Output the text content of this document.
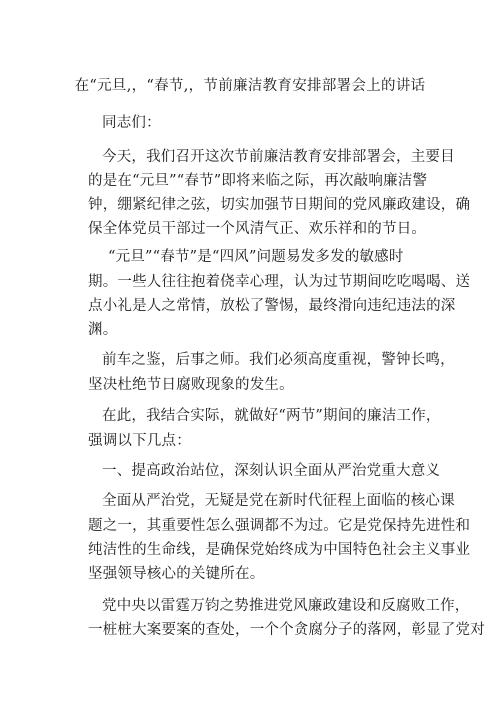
在“元旦,，“春节,，节前廉洁教育安排部署会上的讲话
同志们：
今天，我们召开这次节前廉洁教育安排部署会，主要目
的是在“元旦”“春节”即将来临之际，再次敲响廉洁警
钟，绷紧纪律之弦，切实加强节日期间的党风廉政建设，确
保全体党员干部过一个风清气正、欢乐祥和的节日。
“元旦”“春节”是“四风”问题易发多发的敏感时
期。一些人往往抱着侥幸心理，认为过节期间吃吃喝喝、送
点小礼是人之常情，放松了警惕，最终滑向违纪违法的深
渊。
前车之鉴，后事之师。我们必须高度重视，警钟长鸣，
坚决杜绝节日腐败现象的发生。
在此，我结合实际，就做好“两节”期间的廉洁工作，
强调以下几点：
一、提高政治站位，深刻认识全面从严治党重大意义
全面从严治党，无疑是党在新时代征程上面临的核心课
题之一，其重要性怎么强调都不为过。它是党保持先进性和
纯洁性的生命线，是确保党始终成为中国特色社会主义事业
坚强领导核心的关键所在。
党中央以雷霆万钧之势推进党风廉政建设和反腐败工作，
一桩桩大案要案的查处，一个个贪腐分子的落网，彰显了党对
